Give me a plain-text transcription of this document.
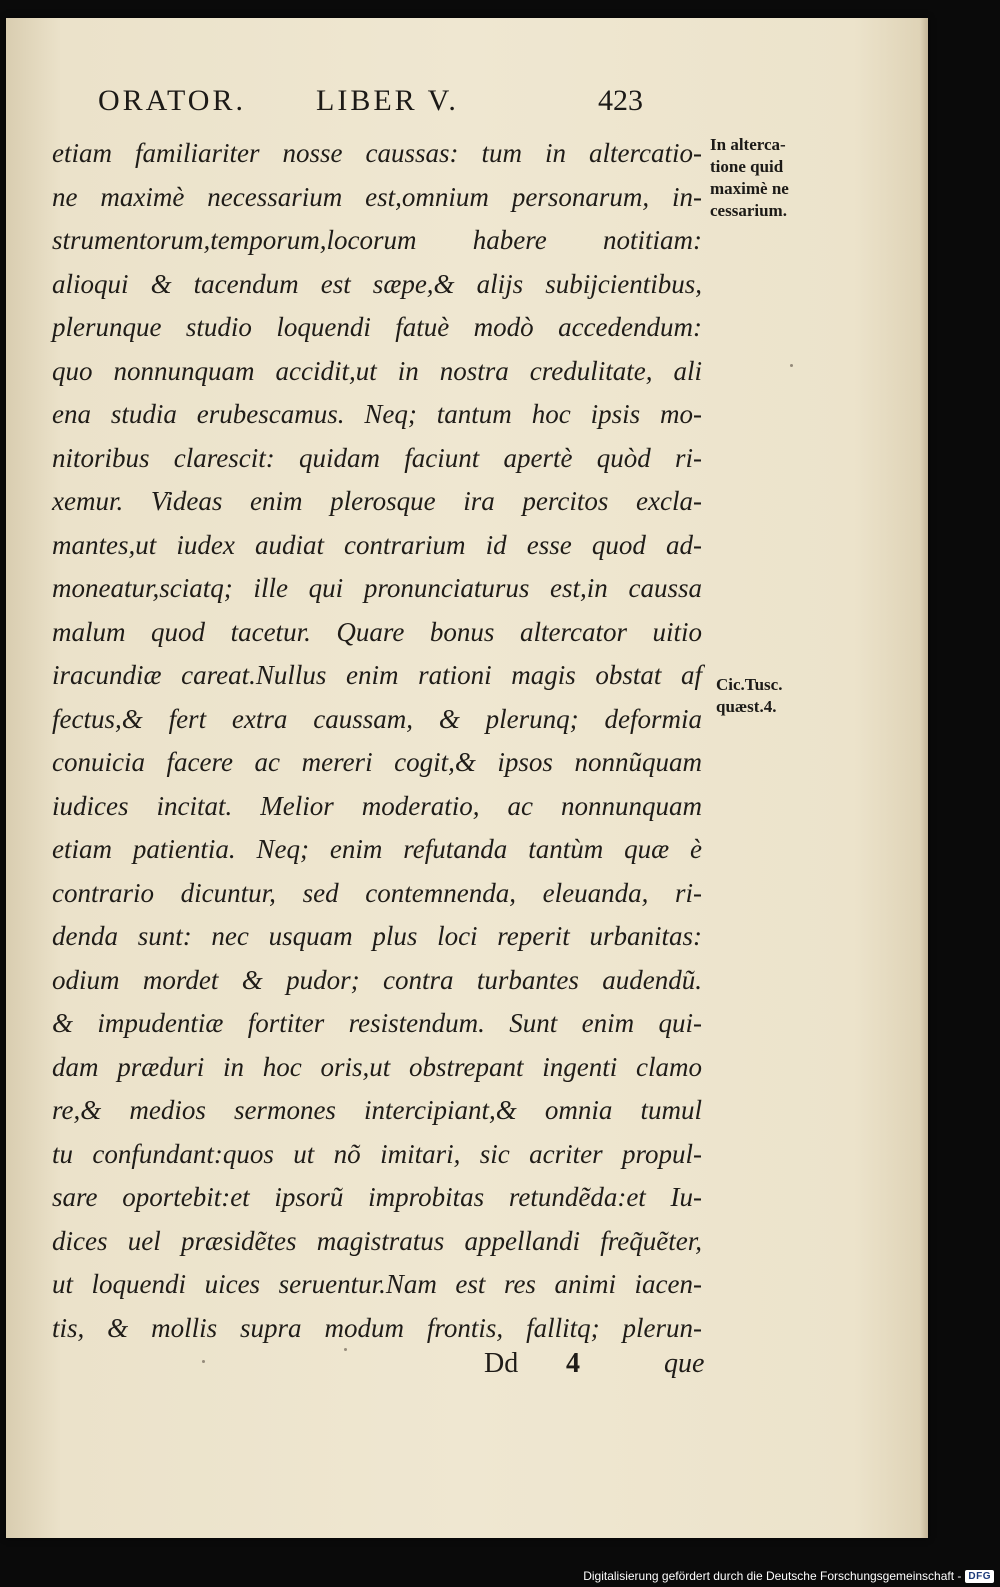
ORATOR. LIBER V.	423
etiam familiariter nosse caussas: tum in altercatio-
ne maximè necessarium est,omnium personarum, in-
strumentorum,temporum,locorum habere notitiam:
alioqui & tacendum est sæpe,& alijs subijcientibus,
plerunque studio loquendi fatuè modò accedendum:
quo nonnunquam accidit,ut in nostra credulitate, ali
ena studia erubescamus. Neq; tantum hoc ipsis mo-
nitoribus clarescit: quidam faciunt apertè quòd ri-
xemur. Videas enim plerosque ira percitos excla-
mantes,ut iudex audiat contrarium id esse quod ad-
moneatur,sciatq; ille qui pronunciaturus est,in caussa
malum quod tacetur. Quare bonus altercator uitio
iracundiæ careat.Nullus enim rationi magis obstat af
fectus,& fert extra caussam, & plerunq; deformia
conuicia facere ac mereri cogit,& ipsos nonnũquam
iudices incitat. Melior moderatio, ac nonnunquam
etiam patientia. Neq; enim refutanda tantùm quæ è
contrario dicuntur, sed contemnenda, eleuanda, ri-
denda sunt: nec usquam plus loci reperit urbanitas:
odium mordet & pudor; contra turbantes audendũ.
& impudentiæ fortiter resistendum. Sunt enim qui-
dam præduri in hoc oris,ut obstrepant ingenti clamo
re,& medios sermones intercipiant,& omnia tumul
tu confundant:quos ut nõ imitari, sic acriter propul-
sare oportebit:et ipsorũ improbitas retundẽda:et Iu-
dices uel præsidẽtes magistratus appellandi freq̃uẽter,
ut loquendi uices seruentur.Nam est res animi iacen-
tis, & mollis supra modum frontis, fallitq; plerun-
In alterca-
tione quid
maximè ne
cessarium.
Cic.Tusc.
quæst.4.
Dd 4	que
Digitalisierung gefördert durch die Deutsche Forschungsgemeinschaft - DFG
